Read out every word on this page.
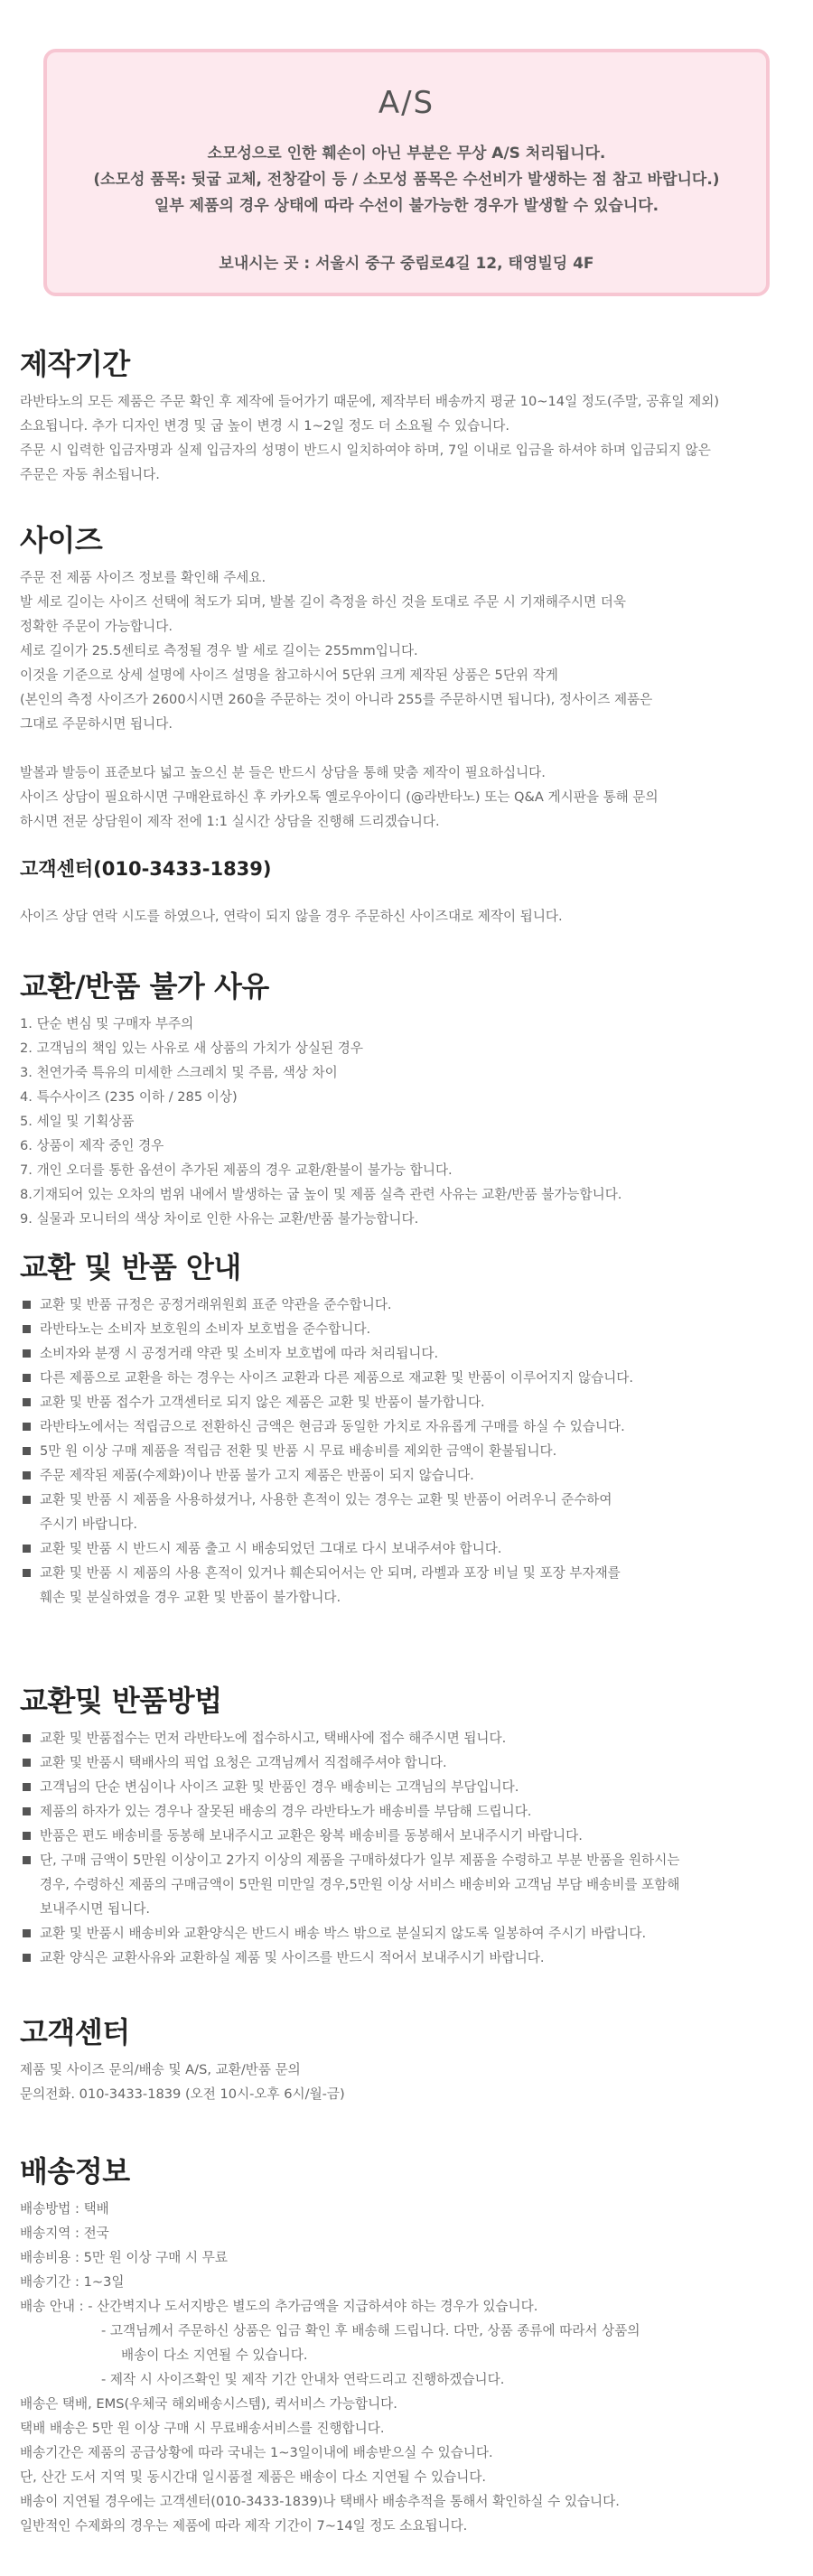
A/S
소모성으로 인한 훼손이 아닌 부분은 무상 A/S 처리됩니다.
(소모성 품목: 뒷굽 교체, 전창갈이 등 / 소모성 품목은 수선비가 발생하는 점 참고 바랍니다.)
일부 제품의 경우 상태에 따라 수선이 불가능한 경우가 발생할 수 있습니다.
보내시는 곳 : 서울시 중구 중림로4길 12, 태영빌딩 4F
제작기간
라반타노의 모든 제품은 주문 확인 후 제작에 들어가기 때문에, 제작부터 배송까지 평균 10~14일 정도(주말, 공휴일 제외)
소요됩니다. 추가 디자인 변경 및 굽 높이 변경 시 1~2일 정도 더 소요될 수 있습니다.
주문 시 입력한 입금자명과 실제 입금자의 성명이 반드시 일치하여야 하며, 7일 이내로 입금을 하셔야 하며 입금되지 않은
주문은 자동 취소됩니다.
사이즈
주문 전 제품 사이즈 정보를 확인해 주세요.
발 세로 길이는 사이즈 선택에 척도가 되며, 발볼 길이 측정을 하신 것을 토대로 주문 시 기재해주시면 더욱
정확한 주문이 가능합니다.
세로 길이가 25.5센티로 측정될 경우 발 세로 길이는 255mm입니다.
이것을 기준으로 상세 설명에 사이즈 설명을 참고하시어 5단위 크게 제작된 상품은 5단위 작게
(본인의 측정 사이즈가 2600시시면 260을 주문하는 것이 아니라 255를 주문하시면 됩니다), 정사이즈 제품은
그대로 주문하시면 됩니다.
발볼과 발등이 표준보다 넓고 높으신 분 들은 반드시 상담을 통해 맞춤 제작이 필요하십니다.
사이즈 상담이 필요하시면 구매완료하신 후 카카오톡 옐로우아이디 (@라반타노) 또는 Q&A 게시판을 통해 문의
하시면 전문 상담원이 제작 전에 1:1 실시간 상담을 진행해 드리겠습니다.
고객센터(010-3433-1839)
사이즈 상담 연락 시도를 하였으나, 연락이 되지 않을 경우 주문하신 사이즈대로 제작이 됩니다.
교환/반품 불가 사유
1. 단순 변심 및 구매자 부주의
2. 고객님의 책임 있는 사유로 새 상품의 가치가 상실된 경우
3. 천연가죽 특유의 미세한 스크레치 및 주름, 색상 차이
4. 특수사이즈 (235 이하 / 285 이상)
5. 세일 및 기획상품
6. 상품이 제작 중인 경우
7. 개인 오더를 통한 옵션이 추가된 제품의 경우 교환/환불이 불가능 합니다.
8.기재되어 있는 오차의 범위 내에서 발생하는 굽 높이 및 제품 실측 관련 사유는 교환/반품 불가능합니다.
9. 실물과 모니터의 색상 차이로 인한 사유는 교환/반품 불가능합니다.
교환 및 반품 안내
교환 및 반품 규정은 공정거래위원회 표준 약관을 준수합니다.
라반타노는 소비자 보호원의 소비자 보호법을 준수합니다.
소비자와 분쟁 시 공정거래 약관 및 소비자 보호법에 따라 처리됩니다.
다른 제품으로 교환을 하는 경우는 사이즈 교환과 다른 제품으로 재교환 및 반품이 이루어지지 않습니다.
교환 및 반품 접수가 고객센터로 되지 않은 제품은 교환 및 반품이 불가합니다.
라반타노에서는 적립금으로 전환하신 금액은 현금과 동일한 가치로 자유롭게 구매를 하실 수 있습니다.
5만 원 이상 구매 제품을 적립금 전환 및 반품 시 무료 배송비를 제외한 금액이 환불됩니다.
주문 제작된 제품(수제화)이나 반품 불가 고지 제품은 반품이 되지 않습니다.
교환 및 반품 시 제품을 사용하셨거나, 사용한 흔적이 있는 경우는 교환 및 반품이 어려우니 준수하여
주시기 바랍니다.
교환 및 반품 시 반드시 제품 출고 시 배송되었던 그대로 다시 보내주셔야 합니다.
교환 및 반품 시 제품의 사용 흔적이 있거나 훼손되어서는 안 되며, 라벨과 포장 비닐 및 포장 부자재를
훼손 및 분실하였을 경우 교환 및 반품이 불가합니다.
교환및 반품방법
교환 및 반품접수는 먼저 라반타노에 접수하시고, 택배사에 접수 해주시면 됩니다.
교환 및 반품시 택배사의 픽업 요청은 고객님께서 직접해주셔야 합니다.
고객님의 단순 변심이나 사이즈 교환 및 반품인 경우 배송비는 고객님의 부담입니다.
제품의 하자가 있는 경우나 잘못된 배송의 경우 라반타노가 배송비를 부담해 드립니다.
반품은 편도 배송비를 동봉해 보내주시고 교환은 왕복 배송비를 동봉해서 보내주시기 바랍니다.
단, 구매 금액이 5만원 이상이고 2가지 이상의 제품을 구매하셨다가 일부 제품을 수령하고 부분 반품을 원하시는
경우, 수령하신 제품의 구매금액이 5만원 미만일 경우,5만원 이상 서비스 배송비와 고객님 부담 배송비를 포함해
보내주시면 됩니다.
교환 및 반품시 배송비와 교환양식은 반드시 배송 박스 밖으로 분실되지 않도록 일봉하여 주시기 바랍니다.
교환 양식은 교환사유와 교환하실 제품 및 사이즈를 반드시 적어서 보내주시기 바랍니다.
고객센터
제품 및 사이즈 문의/배송 및 A/S, 교환/반품 문의
문의전화. 010-3433-1839 (오전 10시-오후 6시/월-금)
배송정보
배송방법 : 택배
배송지역 : 전국
배송비용 : 5만 원 이상 구매 시 무료
배송기간 : 1~3일
배송 안내 : - 산간벽지나 도서지방은 별도의 추가금액을 지급하셔야 하는 경우가 있습니다.
- 고객님께서 주문하신 상품은 입금 확인 후 배송해 드립니다. 다만, 상품 종류에 따라서 상품의
배송이 다소 지연될 수 있습니다.
- 제작 시 사이즈확인 및 제작 기간 안내차 연락드리고 진행하겠습니다.
배송은 택배, EMS(우체국 해외배송시스템), 퀵서비스 가능합니다.
택배 배송은 5만 원 이상 구매 시 무료배송서비스를 진행합니다.
배송기간은 제품의 공급상황에 따라 국내는 1~3일이내에 배송받으실 수 있습니다.
단, 산간 도서 지역 및 동시간대 일시품절 제품은 배송이 다소 지연될 수 있습니다.
배송이 지연될 경우에는 고객센터(010-3433-1839)나 택배사 배송추적을 통해서 확인하실 수 있습니다.
일반적인 수제화의 경우는 제품에 따라 제작 기간이 7~14일 정도 소요됩니다.
